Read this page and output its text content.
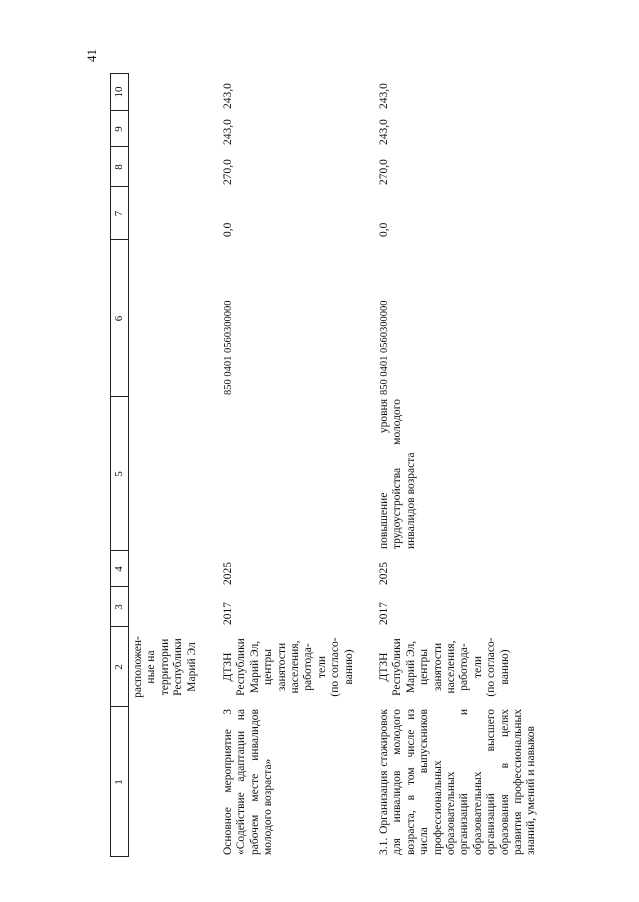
41
1
2
3
4
5
6
7
8
9
10
расположен-
ные на
территории
Республики
Марий Эл
Основное мероприятие 3 «Содействие адаптации на рабочем месте инвалидов молодого возраста»
ДТЗН
Республики
Марий Эл,
центры
занятости
населения,
работода-
тели
(по согласо-
ванию)
2017
2025
850 0401 0560300000
0,0
270,0
243,0
243,0
3.1. Организация стажировок для инвалидов молодого возраста, в том числе из числа выпускников профессиональных образовательных организаций и образовательных организаций высшего образования в целях развития профессиональных знаний, умений и навыков
ДТЗН
Республики
Марий Эл,
центры
занятости
населения,
работода-
тели
(по согласо-
ванию)
2017
2025
повышение уровня трудоустройства молодого инвалидов возраста
850 0401 0560300000
0,0
270,0
243,0
243,0
